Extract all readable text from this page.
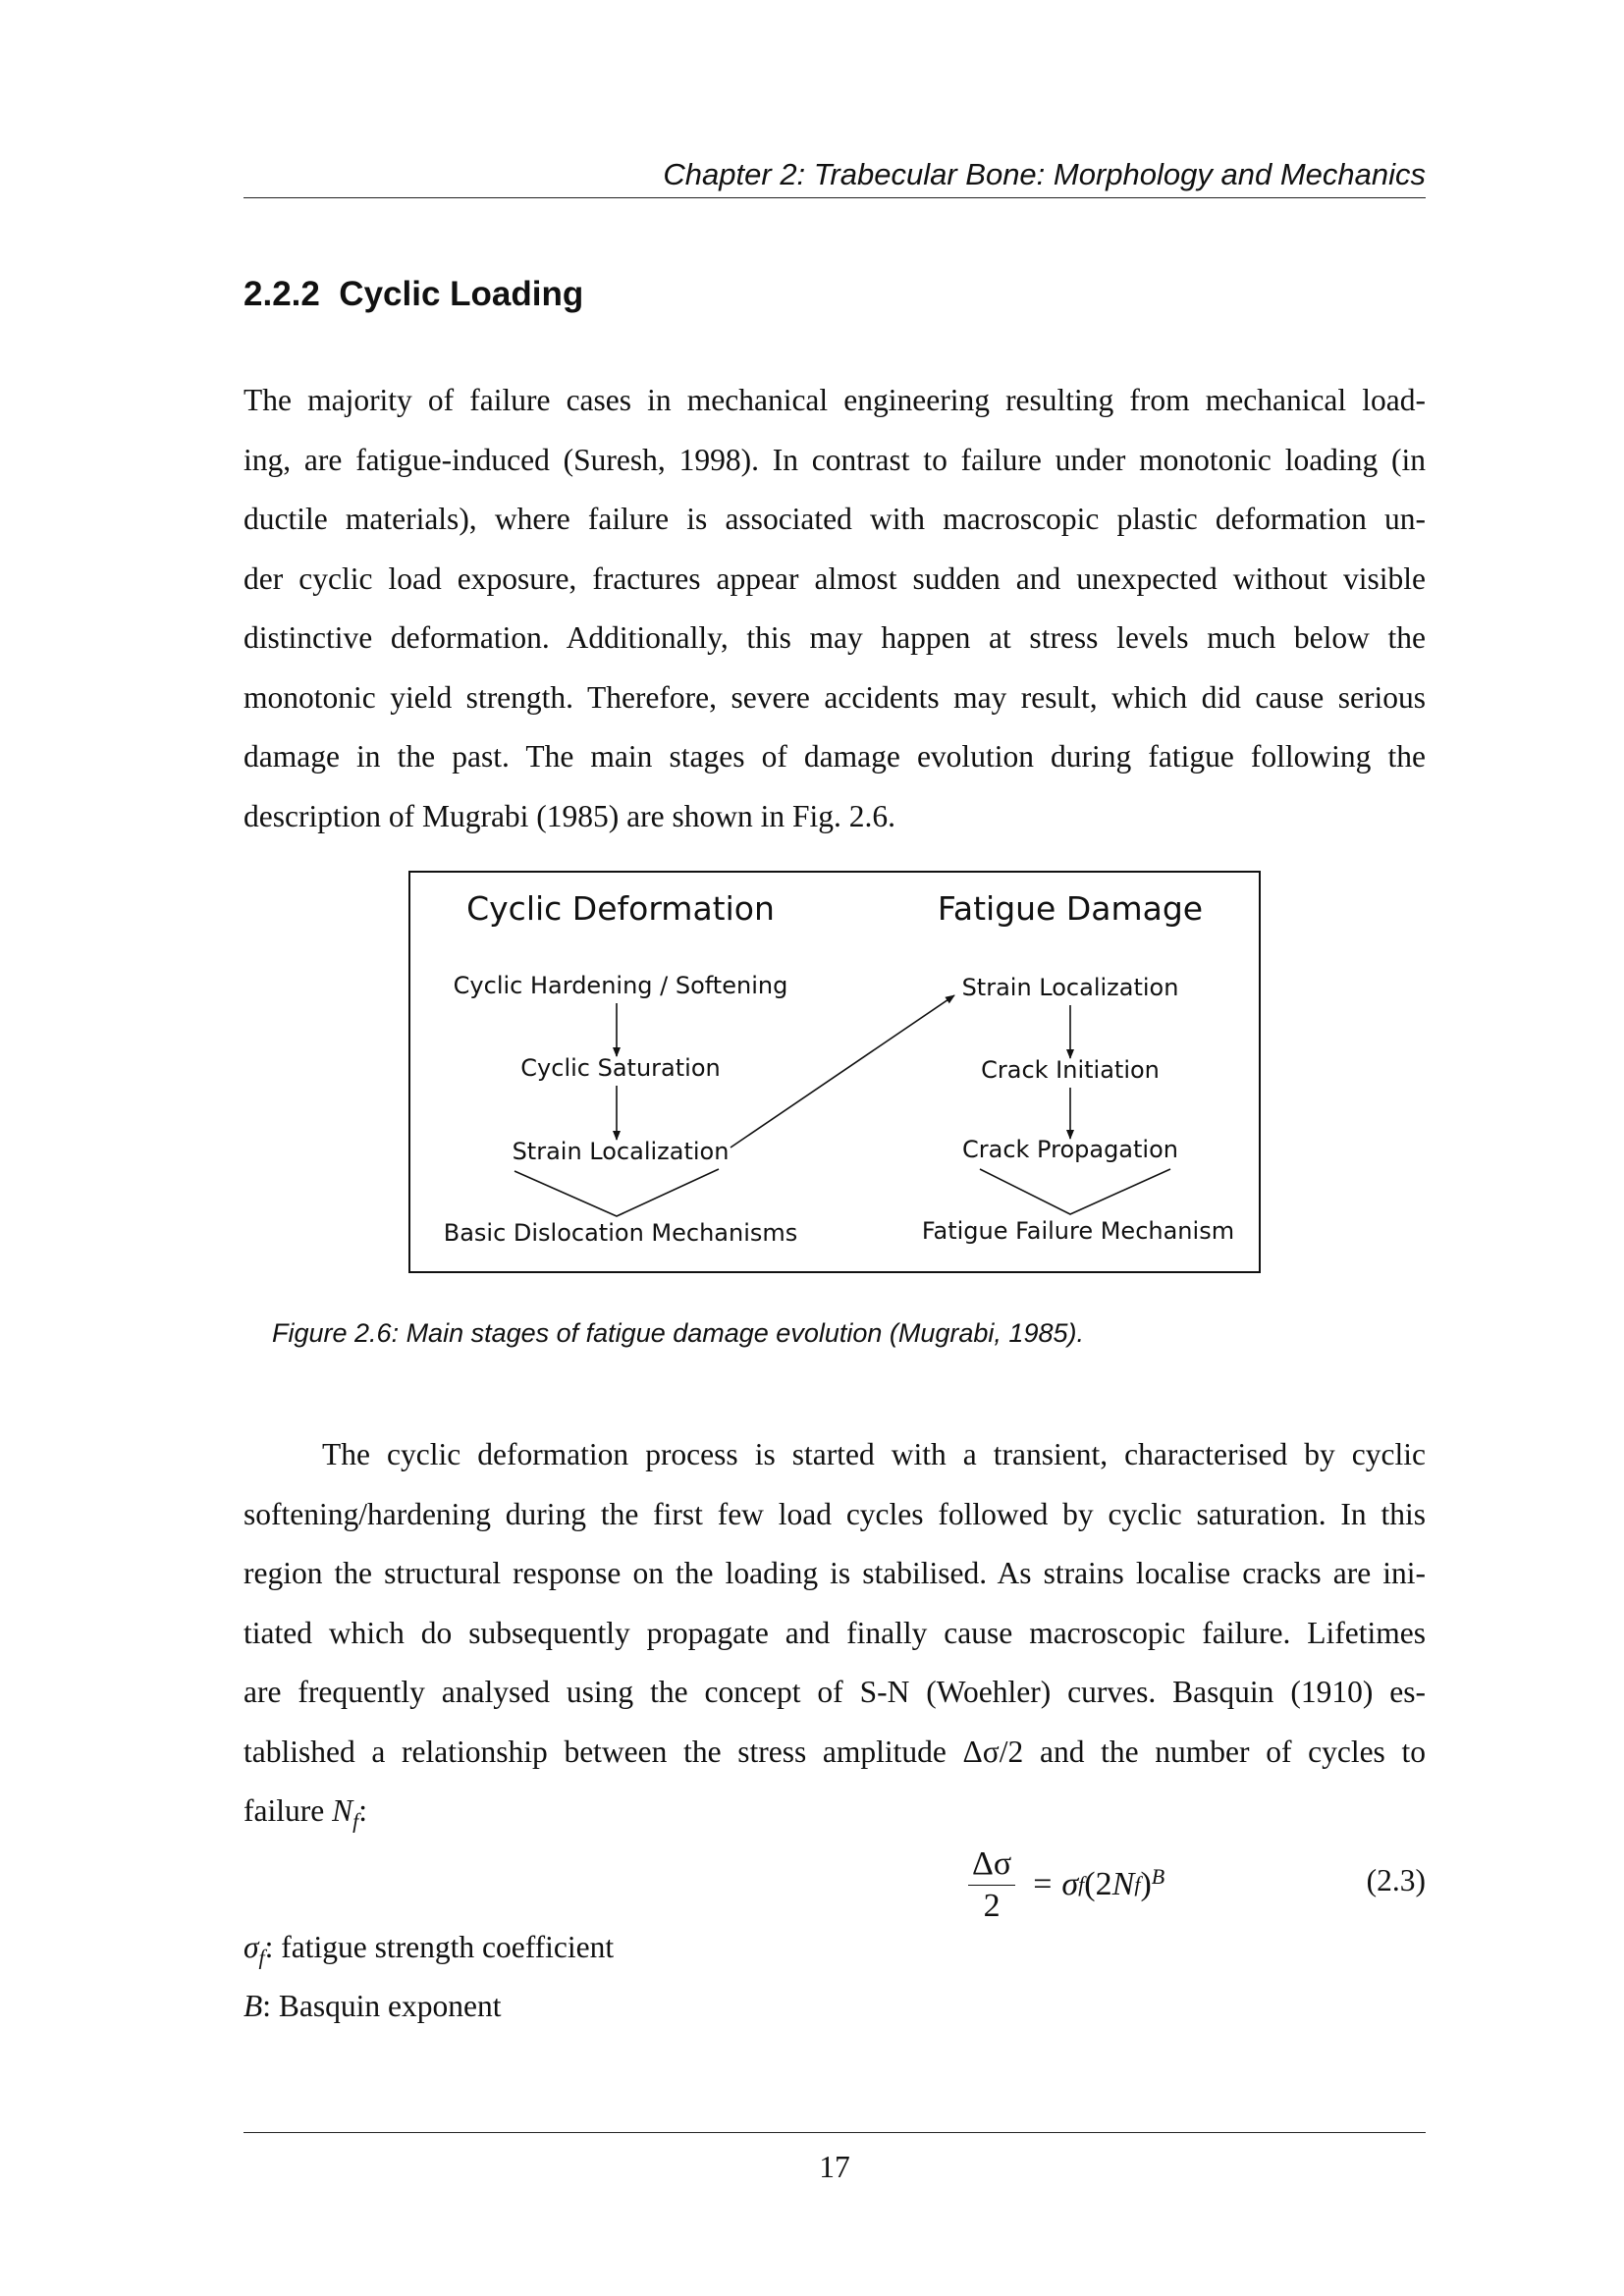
Chapter 2: Trabecular Bone: Morphology and Mechanics
2.2.2  Cyclic Loading
The majority of failure cases in mechanical engineering resulting from mechanical load-
ing, are fatigue-induced (Suresh, 1998). In contrast to failure under monotonic loading (in
ductile materials), where failure is associated with macroscopic plastic deformation un-
der cyclic load exposure, fractures appear almost sudden and unexpected without visible
distinctive deformation. Additionally, this may happen at stress levels much below the
monotonic yield strength. Therefore, severe accidents may result, which did cause serious
damage in the past. The main stages of damage evolution during fatigue following the
description of Mugrabi (1985) are shown in Fig. 2.6.
Cyclic Deformation	Fatigue Damage
Cyclic Hardening / Softening
Cyclic Saturation
Strain Localization
Basic Dislocation Mechanisms
Strain Localization
Crack Initiation
Crack Propagation
Fatigue Failure Mechanism
Figure 2.6: Main stages of fatigue damage evolution (Mugrabi, 1985).
The cyclic deformation process is started with a transient, characterised by cyclic
softening/hardening during the first few load cycles followed by cyclic saturation. In this
region the structural response on the loading is stabilised. As strains localise cracks are ini-
tiated which do subsequently propagate and finally cause macroscopic failure. Lifetimes
are frequently analysed using the concept of S-N (Woehler) curves. Basquin (1910) es-
tablished a relationship between the stress amplitude Δσ/2 and the number of cycles to
failure $N_f$:
$\frac{\Delta\sigma}{2} = \sigma$ f (2 N f )$^B$	(2.3)
$\sigma_f$: fatigue strength coefficient
B: Basquin exponent
17
